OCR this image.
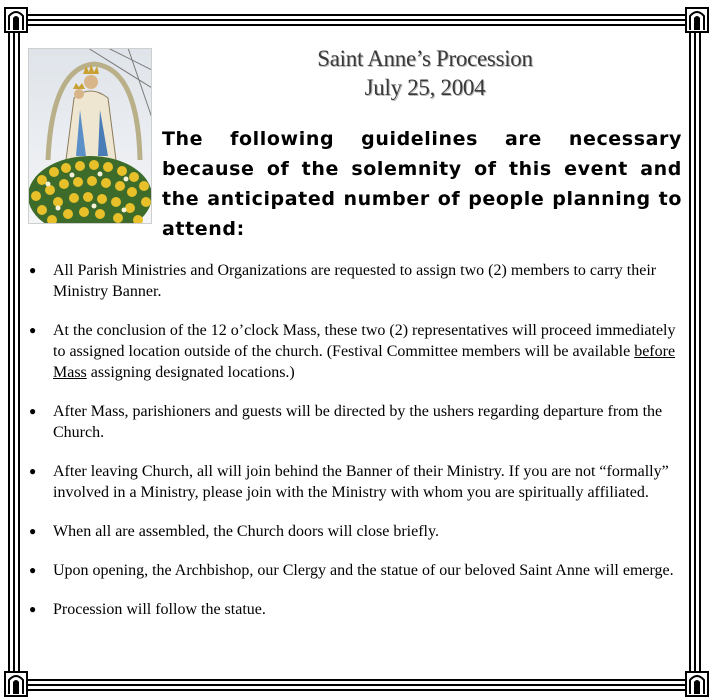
Saint Anne’s Procession
July 25, 2004
The following guidelines are necessary because of the solemnity of this event and the anticipated number of people planning to attend:
● All Parish Ministries and Organizations are requested to assign two (2) members to carry their Ministry Banner.
● At the conclusion of the 12 o’clock Mass, these two (2) representatives will proceed immediately to assigned location outside of the church. (Festival Committee members will be available before Mass assigning designated locations.)
● After Mass, parishioners and guests will be directed by the ushers regarding departure from the Church.
● After leaving Church, all will join behind the Banner of their Ministry. If you are not “formally” involved in a Ministry, please join with the Ministry with whom you are spiritually affiliated.
● When all are assembled, the Church doors will close briefly.
● Upon opening, the Archbishop, our Clergy and the statue of our beloved Saint Anne will emerge.
● Procession will follow the statue.
